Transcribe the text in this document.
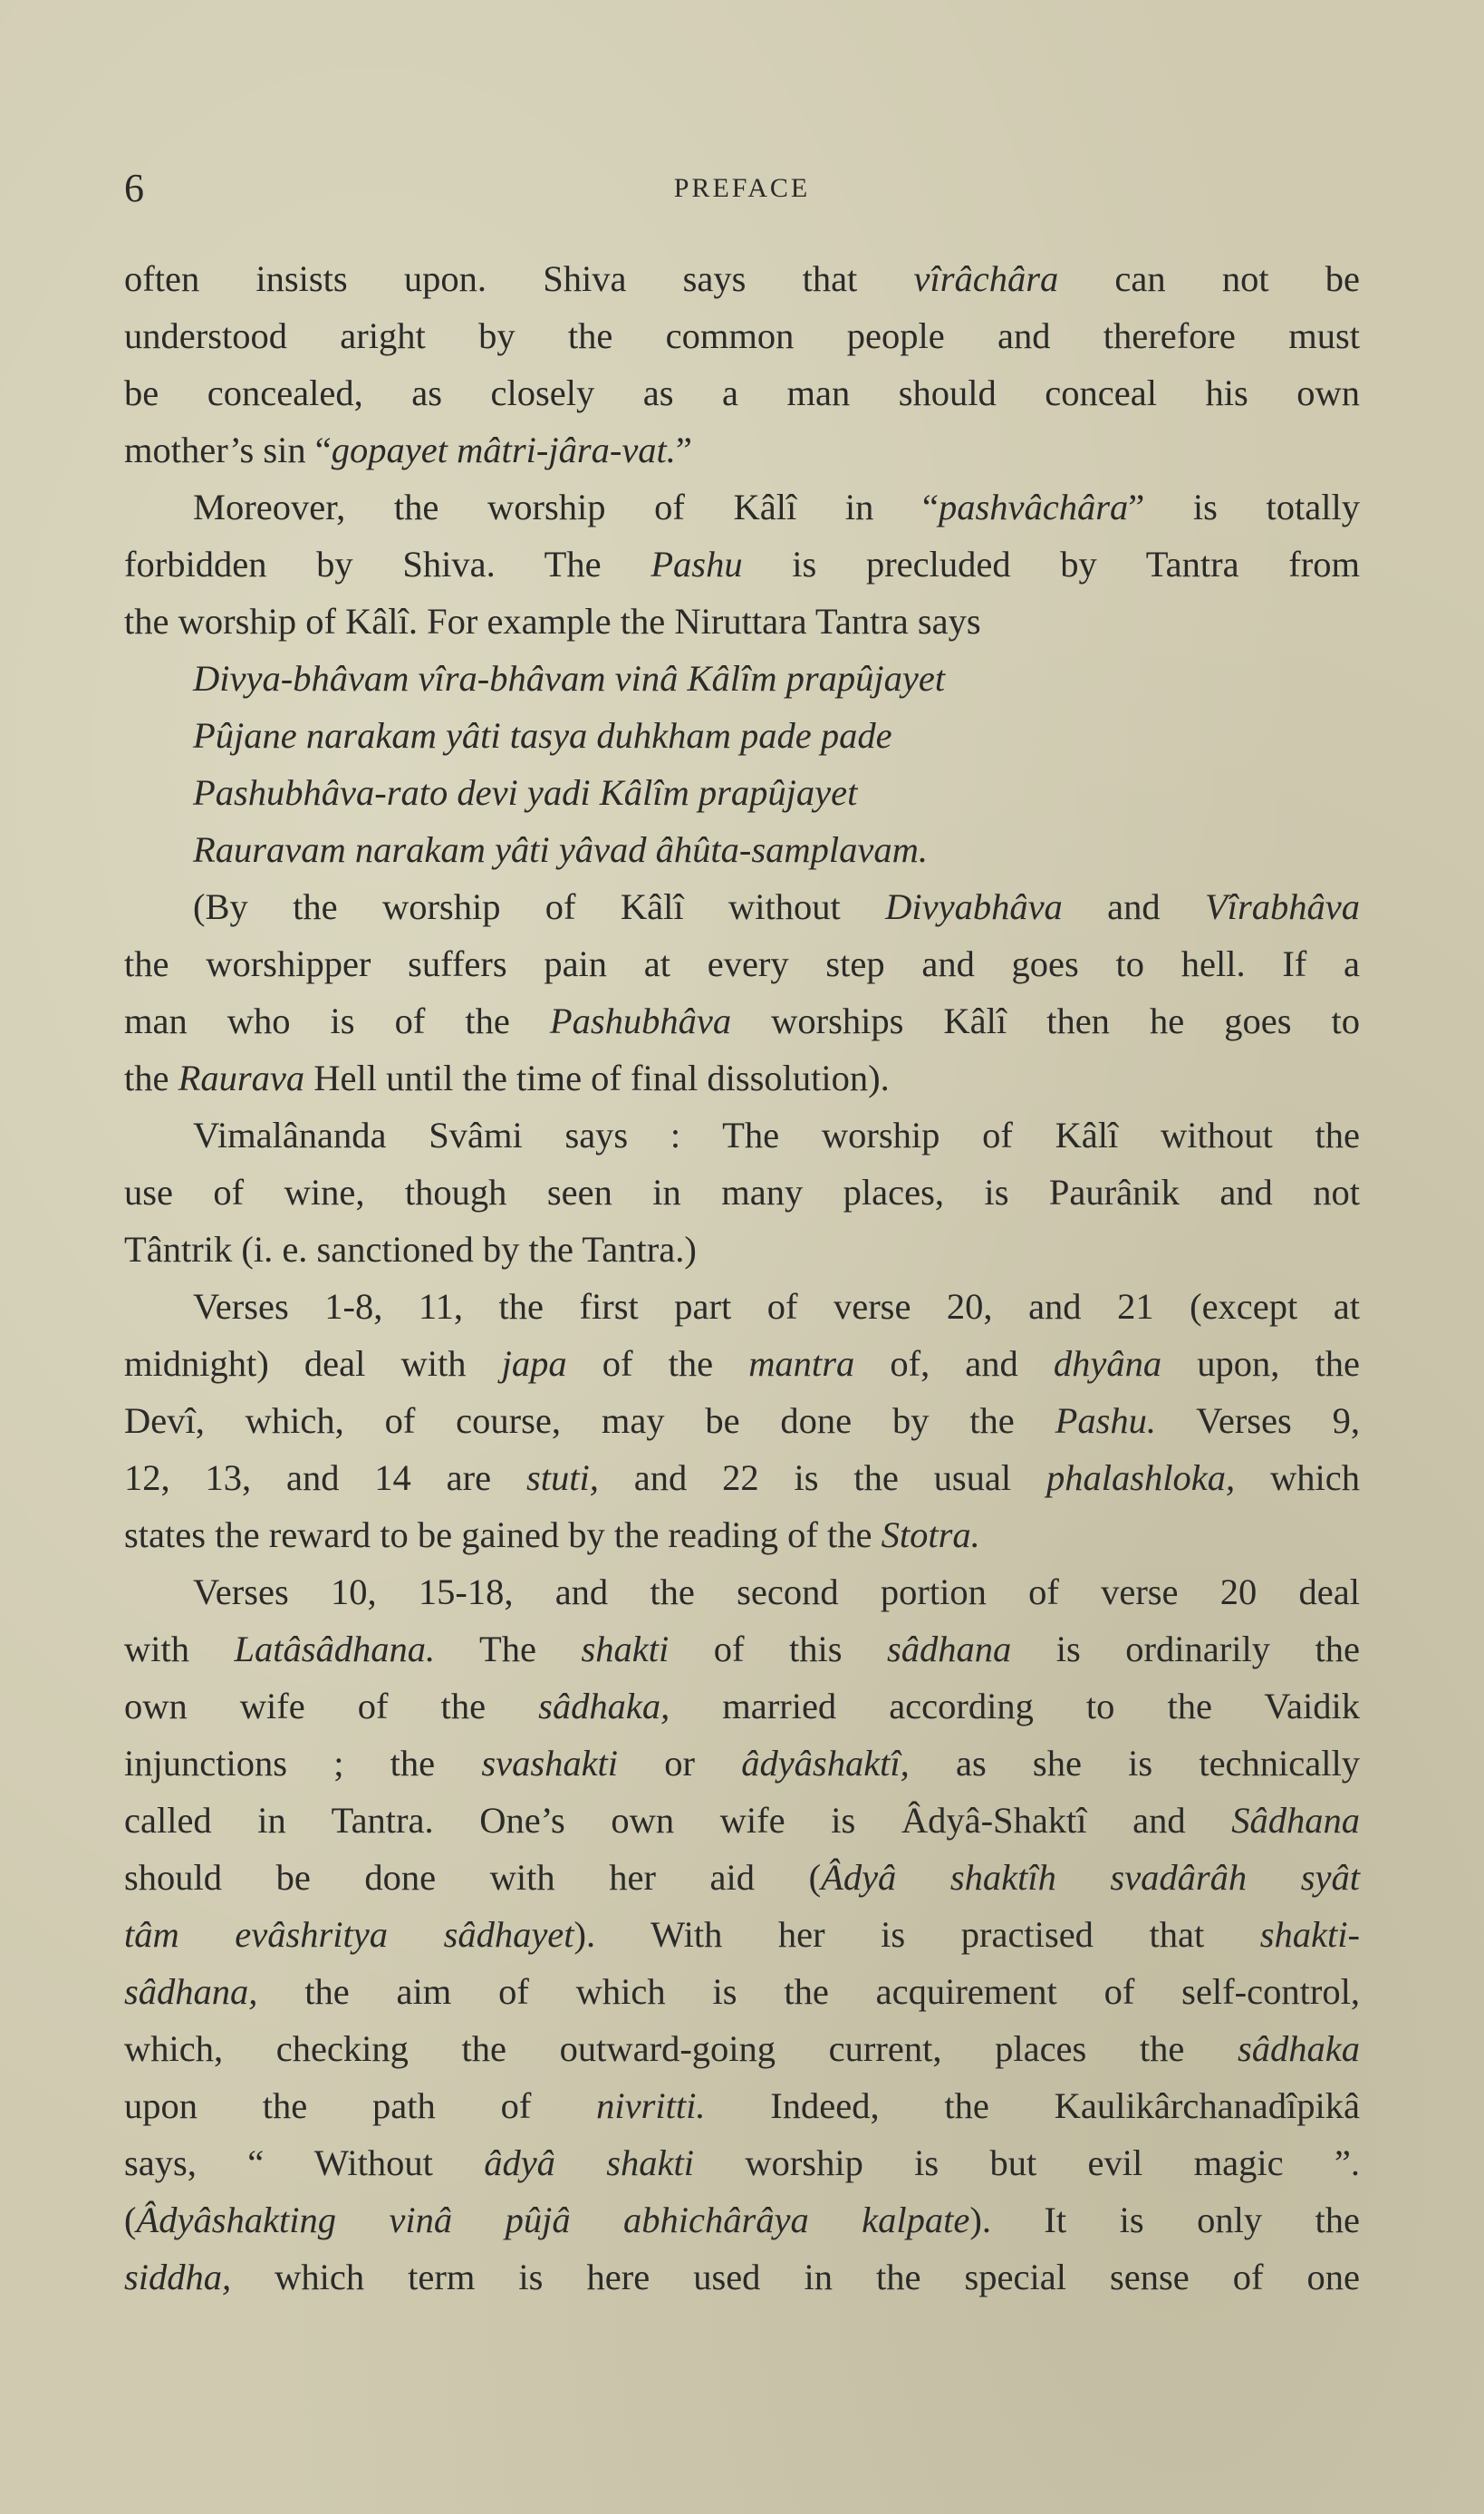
6	PREFACE
often insists upon. Shiva says that vîrâchâra can not be
understood aright by the common people and therefore must
be concealed, as closely as a man should conceal his own
mother’s sin “gopayet mâtri-jâra-vat.”
Moreover, the worship of Kâlî in “pashvâchâra” is totally
forbidden by Shiva. The Pashu is precluded by Tantra from
the worship of Kâlî. For example the Niruttara Tantra says
Divya-bhâvam vîra-bhâvam vinâ Kâlîm prapûjayet
Pûjane narakam yâti tasya duhkham pade pade
Pashubhâva-rato devi yadi Kâlîm prapûjayet
Rauravam narakam yâti yâvad âhûta-samplavam.
(By the worship of Kâlî without Divyabhâva and Vîrabhâva
the worshipper suffers pain at every step and goes to hell. If a
man who is of the Pashubhâva worships Kâlî then he goes to
the Raurava Hell until the time of final dissolution).
Vimalânanda Svâmi says : The worship of Kâlî without the
use of wine, though seen in many places, is Paurânik and not
Tântrik (i. e. sanctioned by the Tantra.)
Verses 1-8, 11, the first part of verse 20, and 21 (except at
midnight) deal with japa of the mantra of, and dhyâna upon, the
Devî, which, of course, may be done by the Pashu. Verses 9,
12, 13, and 14 are stuti, and 22 is the usual phalashloka, which
states the reward to be gained by the reading of the Stotra.
Verses 10, 15-18, and the second portion of verse 20 deal
with Latâsâdhana. The shakti of this sâdhana is ordinarily the
own wife of the sâdhaka, married according to the Vaidik
injunctions ; the svashakti or âdyâshaktî, as she is technically
called in Tantra. One’s own wife is Âdyâ-Shaktî and Sâdhana
should be done with her aid (Âdyâ shaktîh svadârâh syât
tâm evâshritya sâdhayet). With her is practised that shakti-
sâdhana, the aim of which is the acquirement of self-control,
which, checking the outward-going current, places the sâdhaka
upon the path of nivritti. Indeed, the Kaulikârchanadîpikâ
says, “ Without âdyâ shakti worship is but evil magic ”.
(Âdyâshakting vinâ pûjâ abhichârâya kalpate). It is only the
siddha, which term is here used in the special sense of one
